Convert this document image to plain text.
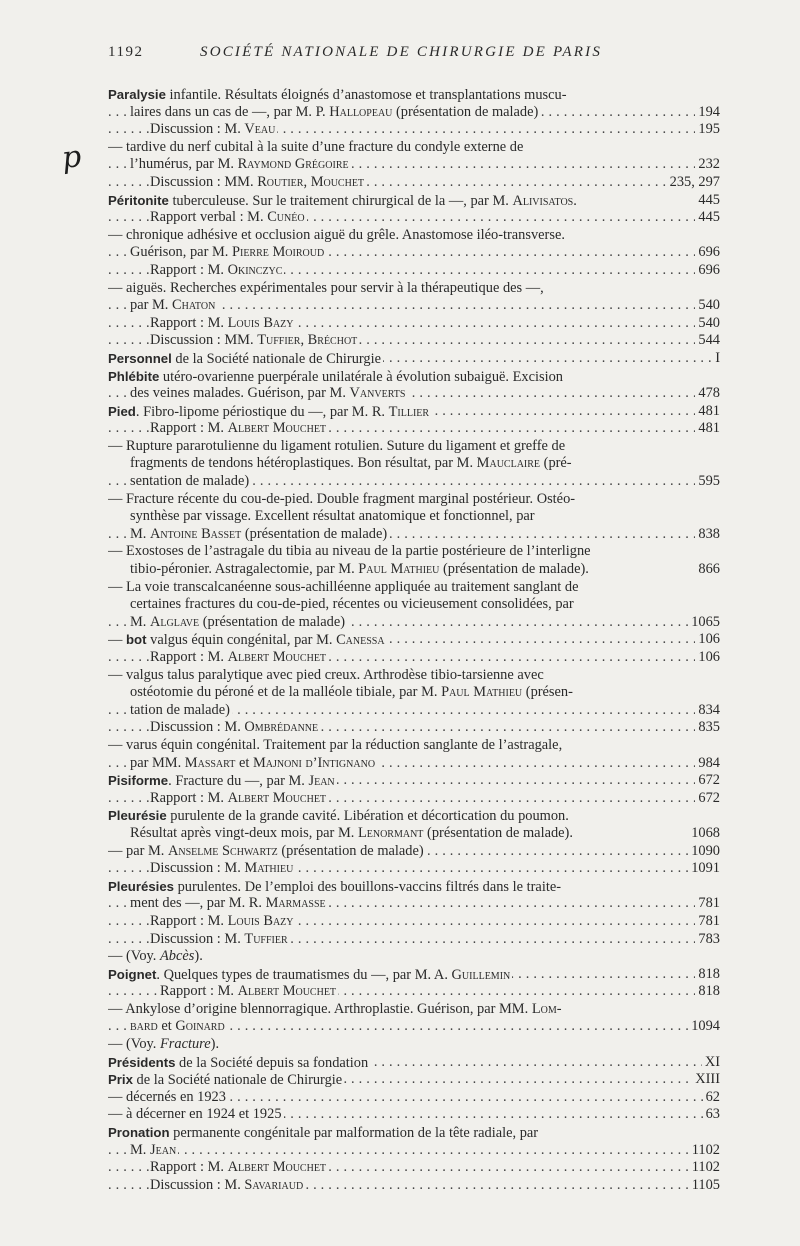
1192	SOCIÉTÉ NATIONALE DE CHIRURGIE DE PARIS
p
Paralysie infantile. Résultats éloignés d’anastomose et transplantations muscu-
. . . laires dans un cas de —, par M. P. Hallopeau (présentation de malade)	194
. . . Discussion : M. Veau	195
— tardive du nerf cubital à la suite d’une fracture du condyle externe de
. . . l’humérus, par M. Raymond Grégoire	232
. . . Discussion : MM. Routier, Mouchet	235, 297
Péritonite tuberculeuse. Sur le traitement chirurgical de la —, par M. Alivisatos.	445
. . . Rapport verbal : M. Cunéo	445
— chronique adhésive et occlusion aiguë du grêle. Anastomose iléo-transverse.
. . . Guérison, par M. Pierre Moiroud	696
. . . Rapport : M. Okinczyc	696
— aiguës. Recherches expérimentales pour servir à la thérapeutique des —,
. . . par M. Chaton	540
. . . Rapport : M. Louis Bazy	540
. . . Discussion : MM. Tuffier, Bréchot	544
. . . Personnel de la Société nationale de Chirurgie	I
Phlébite utéro-ovarienne puerpérale unilatérale à évolution subaiguë. Excision
. . . des veines malades. Guérison, par M. Vanverts	478
. . . Pied. Fibro-lipome périostique du —, par M. R. Tillier	481
. . . Rapport : M. Albert Mouchet	481
— Rupture pararotulienne du ligament rotulien. Suture du ligament et greffe de
fragments de tendons hétéroplastiques. Bon résultat, par M. Mauclaire (pré-
. . . sentation de malade)	595
— Fracture récente du cou-de-pied. Double fragment marginal postérieur. Ostéo-
synthèse par vissage. Excellent résultat anatomique et fonctionnel, par
. . . M. Antoine Basset (présentation de malade)	838
— Exostoses de l’astragale du tibia au niveau de la partie postérieure de l’interligne
tibio-péronier. Astragalectomie, par M. Paul Mathieu (présentation de malade).	866
— La voie transcalcanéenne sous-achilléenne appliquée au traitement sanglant de
certaines fractures du cou-de-pied, récentes ou vicieusement consolidées, par
. . . M. Alglave (présentation de malade)	1065
. . . — bot valgus équin congénital, par M. Canessa	106
. . . Rapport : M. Albert Mouchet	106
— valgus talus paralytique avec pied creux. Arthrodèse tibio-tarsienne avec
ostéotomie du péroné et de la malléole tibiale, par M. Paul Mathieu (présen-
. . . tation de malade)	834
. . . Discussion : M. Ombrédanne	835
— varus équin congénital. Traitement par la réduction sanglante de l’astragale,
. . . par MM. Massart et Majnoni d’Intignano	984
. . . Pisiforme. Fracture du —, par M. Jean	672
. . . Rapport : M. Albert Mouchet	672
Pleurésie purulente de la grande cavité. Libération et décortication du poumon.
Résultat après vingt-deux mois, par M. Lenormant (présentation de malade).	1068
. . . — par M. Anselme Schwartz (présentation de malade)	1090
. . . Discussion : M. Mathieu	1091
Pleurésies purulentes. De l’emploi des bouillons-vaccins filtrés dans le traite-
. . . ment des —, par M. R. Marmasse	781
. . . Rapport : M. Louis Bazy	781
. . . Discussion : M. Tuffier	783
— (Voy. Abcès).
. . . Poignet. Quelques types de traumatismes du —, par M. A. Guillemin	818
. . . Rapport : M. Albert Mouchet	818
— Ankylose d’origine blennorragique. Arthroplastie. Guérison, par MM. Lom-
. . . bard et Goinard	1094
— (Voy. Fracture).
. . . Présidents de la Société depuis sa fondation	XI
. . . Prix de la Société nationale de Chirurgie	XIII
. . . — décernés en 1923	62
. . . — à décerner en 1924 et 1925	63
Pronation permanente congénitale par malformation de la tête radiale, par
. . . M. Jean	1102
. . . Rapport : M. Albert Mouchet	1102
. . . Discussion : M. Savariaud	1105
